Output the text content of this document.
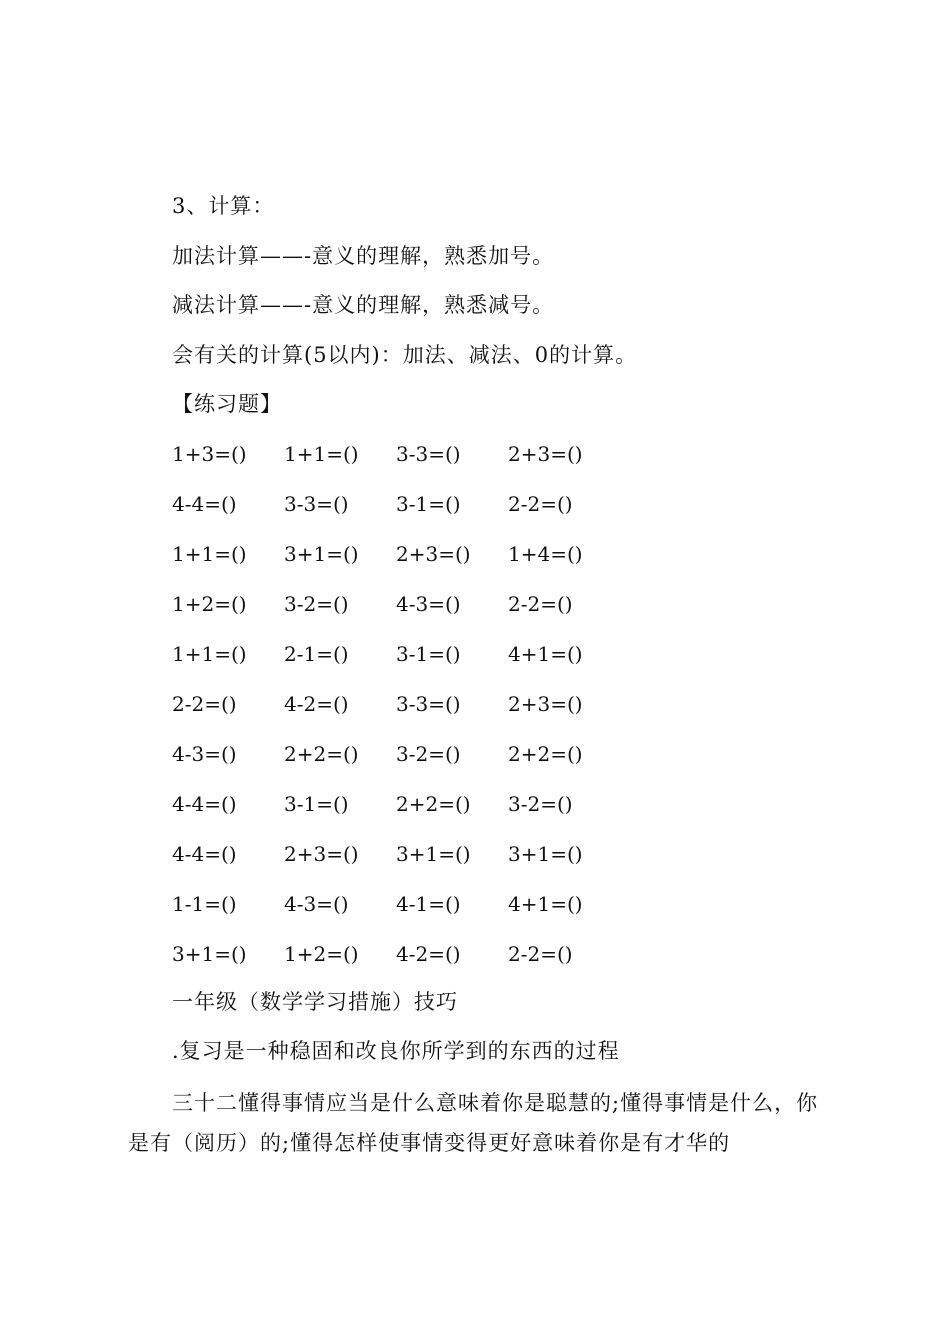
3、计算：
加法计算——-意义的理解，熟悉加号。
减法计算——-意义的理解，熟悉减号。
会有关的计算(5以内)：加法、减法、0的计算。
【练习题】
1+3=()	1+1=()	3-3=()	2+3=()
4-4=()	3-3=()	3-1=()	2-2=()
1+1=()	3+1=()	2+3=()	1+4=()
1+2=()	3-2=()	4-3=()	2-2=()
1+1=()	2-1=()	3-1=()	4+1=()
2-2=()	4-2=()	3-3=()	2+3=()
4-3=()	2+2=()	3-2=()	2+2=()
4-4=()	3-1=()	2+2=()	3-2=()
4-4=()	2+3=()	3+1=()	3+1=()
1-1=()	4-3=()	4-1=()	4+1=()
3+1=()	1+2=()	4-2=()	2-2=()
一年级（数学学习措施）技巧
.复习是一种稳固和改良你所学到的东西的过程
三十二懂得事情应当是什么意味着你是聪慧的;懂得事情是什么，你是有（阅历）的;懂得怎样使事情变得更好意味着你是有才华的
